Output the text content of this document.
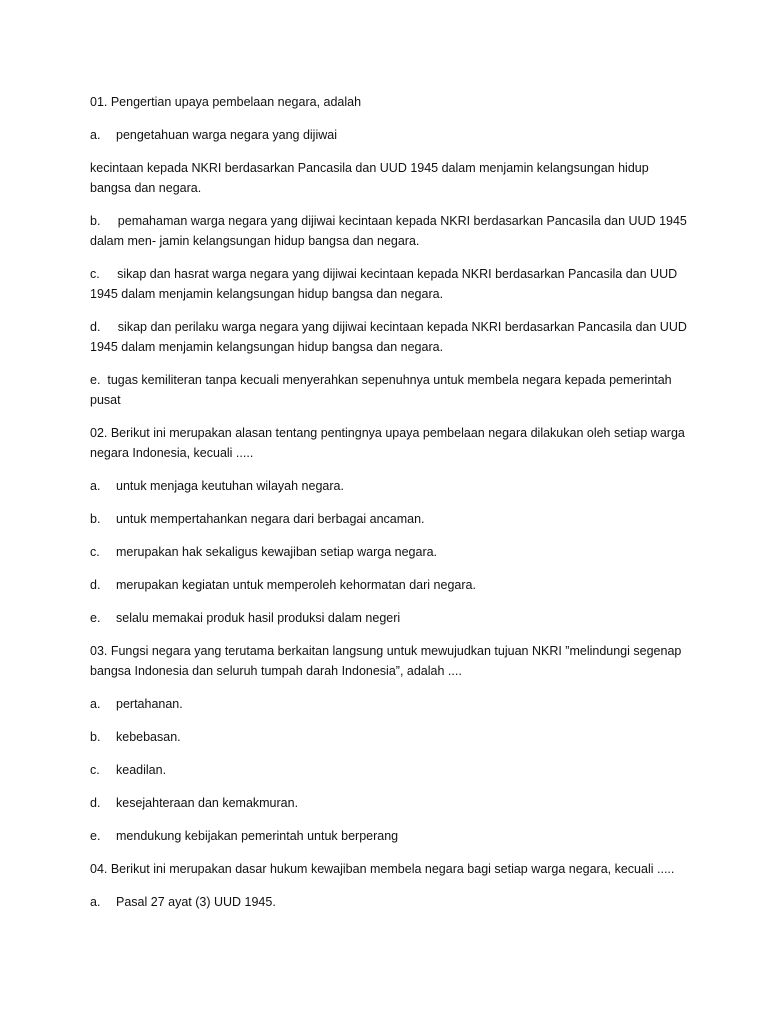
01. Pengertian upaya pembelaan negara, adalah

a.	pengetahuan warga negara yang dijiwai

kecintaan kepada NKRI berdasarkan Pancasila dan UUD 1945 dalam menjamin kelangsungan hidup bangsa dan negara.

b.     pemahaman warga negara yang dijiwai kecintaan kepada NKRI berdasarkan Pancasila dan UUD 1945 dalam men- jamin kelangsungan hidup bangsa dan negara.

c.     sikap dan hasrat warga negara yang dijiwai kecintaan kepada NKRI berdasarkan Pancasila dan UUD 1945 dalam menjamin kelangsungan hidup bangsa dan negara.

d.     sikap dan perilaku warga negara yang dijiwai kecintaan kepada NKRI berdasarkan Pancasila dan UUD 1945 dalam menjamin kelangsungan hidup bangsa dan negara.

e.  tugas kemiliteran tanpa kecuali menyerahkan sepenuhnya untuk membela negara kepada pemerintah pusat

02. Berikut ini merupakan alasan tentang pentingnya upaya pembelaan negara dilakukan oleh setiap warga negara Indonesia, kecuali .....

a.	untuk menjaga keutuhan wilayah negara.
b.	untuk mempertahankan negara dari berbagai ancaman.
c.	merupakan hak sekaligus kewajiban setiap warga negara.
d.	merupakan kegiatan untuk memperoleh kehormatan dari negara.
e.	selalu memakai produk hasil produksi dalam negeri

03. Fungsi negara yang terutama berkaitan langsung untuk mewujudkan tujuan NKRI ”melindungi segenap bangsa Indonesia dan seluruh tumpah darah Indonesia”, adalah ....

a.	pertahanan.
b.	kebebasan.
c.	keadilan.
d.	kesejahteraan dan kemakmuran.
e.	mendukung kebijakan pemerintah untuk berperang

04. Berikut ini merupakan dasar hukum kewajiban membela negara bagi setiap warga negara, kecuali .....

a.	Pasal 27 ayat (3) UUD 1945.
